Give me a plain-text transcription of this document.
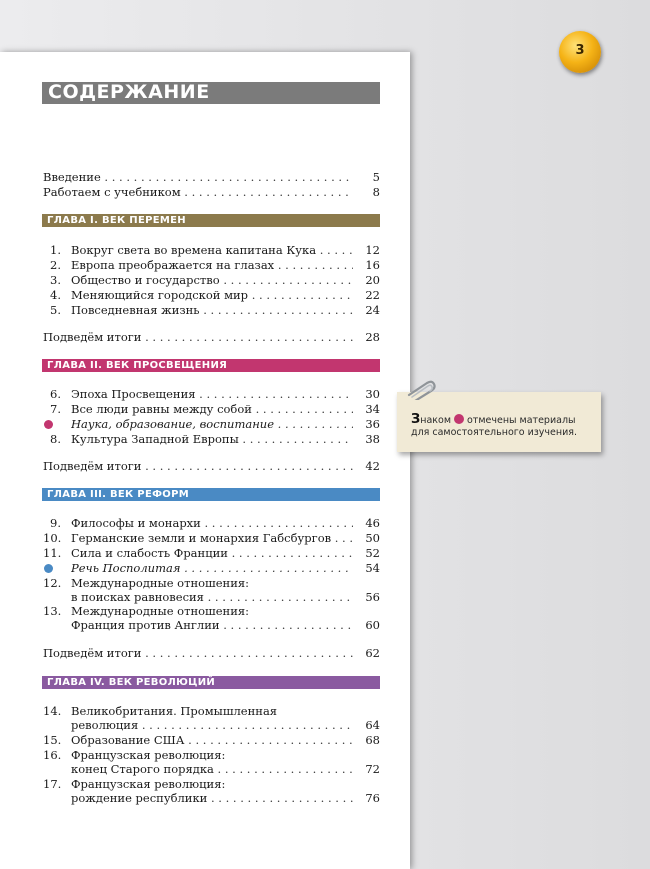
3
СОДЕРЖАНИЕ
Введение . . .	5
Работаем с учебником . . .	8
ГЛАВА I. ВЕК ПЕРЕМЕН
1. Вокруг света во времена капитана Кука . . .	12
2. Европа преображается на глазах . . .	16
3. Общество и государство . . .	20
4. Меняющийся городской мир . . .	22
5. Повседневная жизнь . . .	24
Подведём итоги . . .	28
ГЛАВА II. ВЕК ПРОСВЕЩЕНИЯ
6. Эпоха Просвещения . . .	30
7. Все люди равны между собой . . .	34
Наука, образование, воспитание . . .	36
8. Культура Западной Европы . . .	38
Подведём итоги . . .	42
ГЛАВА III. ВЕК РЕФОРМ
9. Философы и монархи . . .	46
10. Германские земли и монархия Габсбургов . . .	50
11. Сила и слабость Франции . . .	52
Речь Посполитая . . .	54
12. Международные отношения:
в поисках равновесия . . .	56
13. Международные отношения:
Франция против Англии . . .	60
Подведём итоги . . .	62
ГЛАВА IV. ВЕК РЕВОЛЮЦИЙ
14. Великобритания. Промышленная
революция . . .	64
15. Образование США . . .	68
16. Французская революция:
конец Старого порядка . . .	72
17. Французская революция:
рождение республики . . .	76
Знаком отмечены материалы
для самостоятельного изучения.
